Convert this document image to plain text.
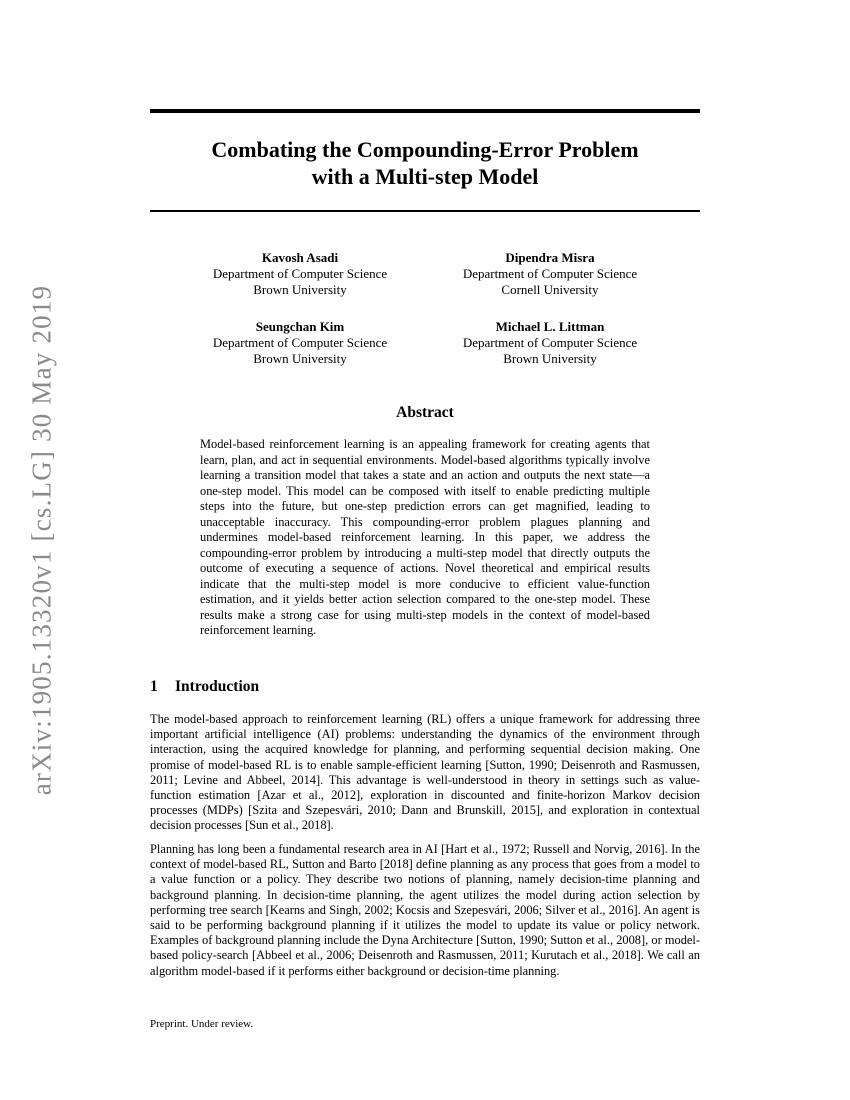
arXiv:1905.13320v1 [cs.LG] 30 May 2019
Combating the Compounding-Error Problem
with a Multi-step Model
Kavosh Asadi
Department of Computer Science
Brown University
Dipendra Misra
Department of Computer Science
Cornell University
Seungchan Kim
Department of Computer Science
Brown University
Michael L. Littman
Department of Computer Science
Brown University
Abstract
Model-based reinforcement learning is an appealing framework for creating agents that learn, plan, and act in sequential environments. Model-based algorithms typically involve learning a transition model that takes a state and an action and outputs the next state—a one-step model. This model can be composed with itself to enable predicting multiple steps into the future, but one-step prediction errors can get magnified, leading to unacceptable inaccuracy. This compounding-error problem plagues planning and undermines model-based reinforcement learning. In this paper, we address the compounding-error problem by introducing a multi-step model that directly outputs the outcome of executing a sequence of actions. Novel theoretical and empirical results indicate that the multi-step model is more conducive to efficient value-function estimation, and it yields better action selection compared to the one-step model. These results make a strong case for using multi-step models in the context of model-based reinforcement learning.
1 Introduction

The model-based approach to reinforcement learning (RL) offers a unique framework for addressing three important artificial intelligence (AI) problems: understanding the dynamics of the environment through interaction, using the acquired knowledge for planning, and performing sequential decision making. One promise of model-based RL is to enable sample-efficient learning [Sutton, 1990; Deisenroth and Rasmussen, 2011; Levine and Abbeel, 2014]. This advantage is well-understood in theory in settings such as value-function estimation [Azar et al., 2012], exploration in discounted and finite-horizon Markov decision processes (MDPs) [Szita and Szepesvári, 2010; Dann and Brunskill, 2015], and exploration in contextual decision processes [Sun et al., 2018].

Planning has long been a fundamental research area in AI [Hart et al., 1972; Russell and Norvig, 2016]. In the context of model-based RL, Sutton and Barto [2018] define planning as any process that goes from a model to a value function or a policy. They describe two notions of planning, namely decision-time planning and background planning. In decision-time planning, the agent utilizes the model during action selection by performing tree search [Kearns and Singh, 2002; Kocsis and Szepesvári, 2006; Silver et al., 2016]. An agent is said to be performing background planning if it utilizes the model to update its value or policy network. Examples of background planning include the Dyna Architecture [Sutton, 1990; Sutton et al., 2008], or model-based policy-search [Abbeel et al., 2006; Deisenroth and Rasmussen, 2011; Kurutach et al., 2018]. We call an algorithm model-based if it performs either background or decision-time planning.

Preprint. Under review.
